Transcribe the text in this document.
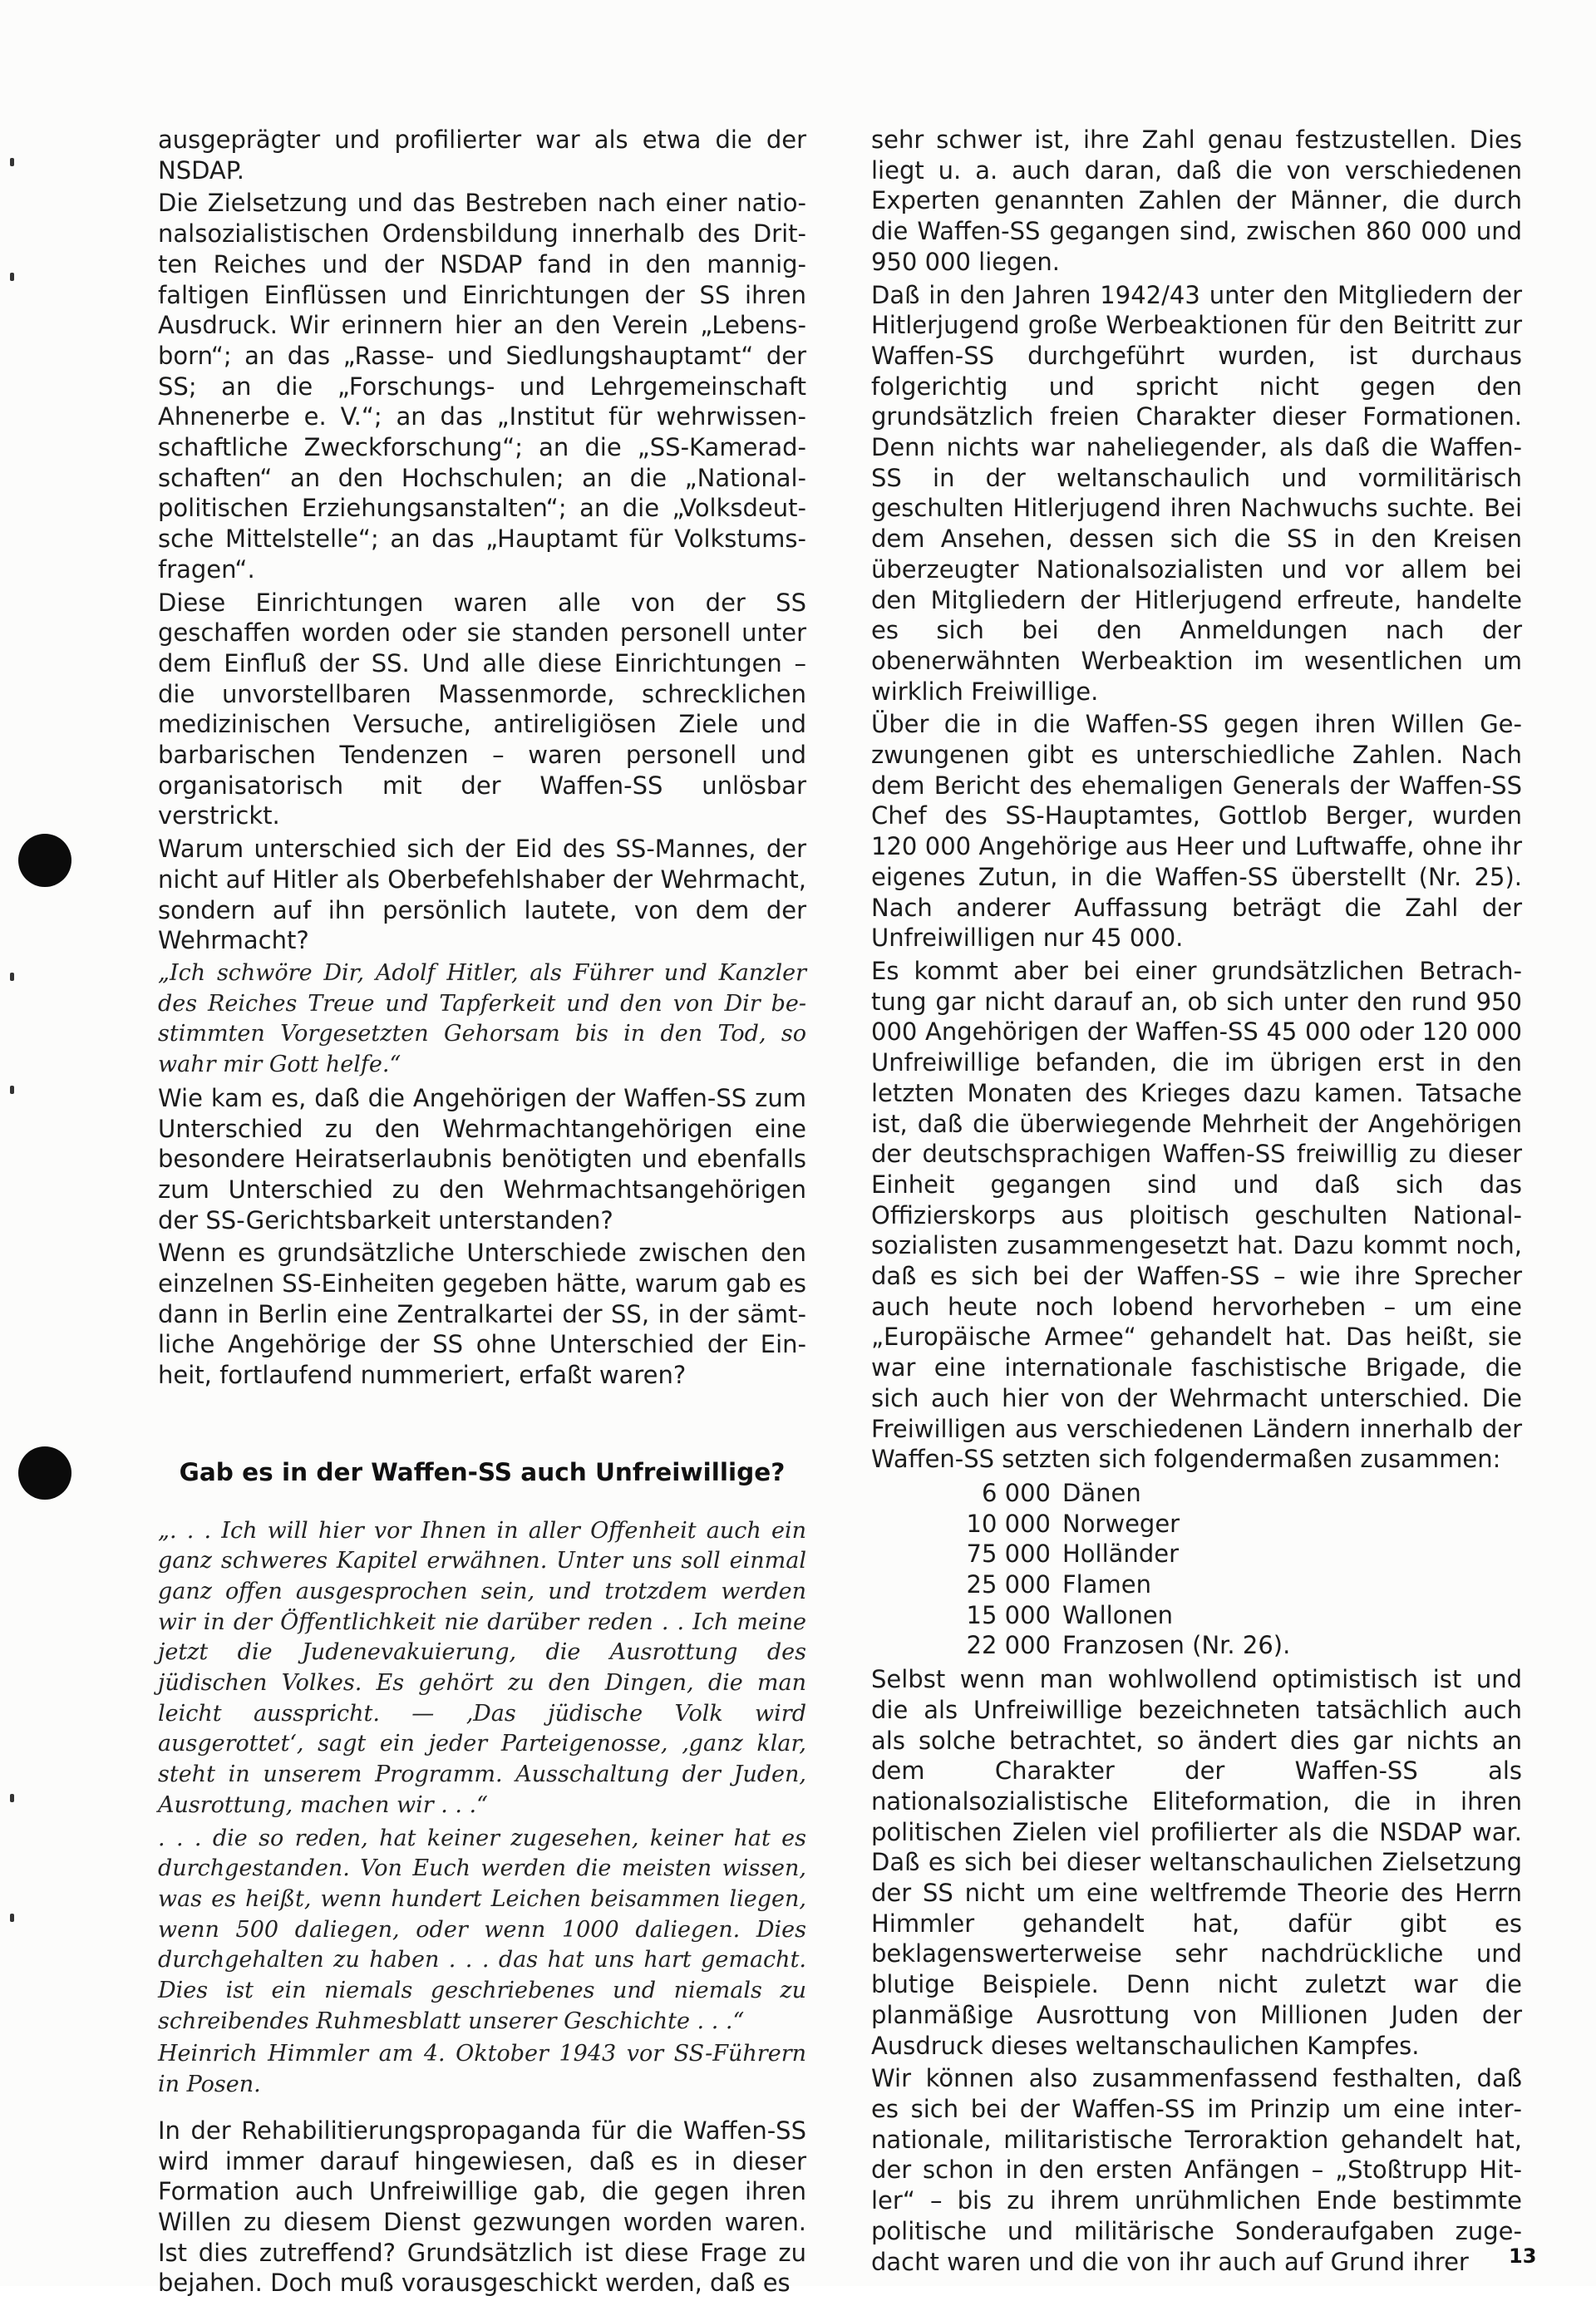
ausgeprägter und profilierter war als etwa die der NSDAP.

Die Zielsetzung und das Bestreben nach einer nationalsozialistischen Ordensbildung innerhalb des Dritten Reiches und der NSDAP fand in den mannigfaltigen Einflüssen und Einrichtungen der SS ihren Ausdruck. Wir erinnern hier an den Verein „Lebensborn“; an das „Rasse- und Siedlungshauptamt“ der SS; an die „Forschungs- und Lehrgemeinschaft Ahnenerbe e. V.“; an das „Institut für wehrwissenschaftliche Zweckforschung“; an die „SS-Kameradschaften“ an den Hochschulen; an die „Nationalpolitischen Erziehungsanstalten“; an die „Volksdeutsche Mittelstelle“; an das „Hauptamt für Volkstumsfragen“.

Diese Einrichtungen waren alle von der SS geschaffen worden oder sie standen personell unter dem Einfluß der SS. Und alle diese Einrichtungen – die unvorstellbaren Massenmorde, schrecklichen medizinischen Versuche, antireligiösen Ziele und barbarischen Tendenzen – waren personell und organisatorisch mit der Waffen-SS unlösbar verstrickt.

Warum unterschied sich der Eid des SS-Mannes, der nicht auf Hitler als Oberbefehlshaber der Wehrmacht, sondern auf ihn persönlich lautete, von dem der Wehrmacht?

„Ich schwöre Dir, Adolf Hitler, als Führer und Kanzler des Reiches Treue und Tapferkeit und den von Dir bestimmten Vorgesetzten Gehorsam bis in den Tod, so wahr mir Gott helfe.“

Wie kam es, daß die Angehörigen der Waffen-SS zum Unterschied zu den Wehrmachtangehörigen eine besondere Heiratserlaubnis benötigten und ebenfalls zum Unterschied zu den Wehrmachtsangehörigen der SS-Gerichtsbarkeit unterstanden?

Wenn es grundsätzliche Unterschiede zwischen den einzelnen SS-Einheiten gegeben hätte, warum gab es dann in Berlin eine Zentralkartei der SS, in der sämtliche Angehörige der SS ohne Unterschied der Einheit, fortlaufend nummeriert, erfaßt waren?

Gab es in der Waffen-SS auch Unfreiwillige?

„. . . Ich will hier vor Ihnen in aller Offenheit auch ein ganz schweres Kapitel erwähnen. Unter uns soll einmal ganz offen ausgesprochen sein, und trotzdem werden wir in der Öffentlichkeit nie darüber reden . . Ich meine jetzt die Judenevakuierung, die Ausrottung des jüdischen Volkes. Es gehört zu den Dingen, die man leicht ausspricht. — ‚Das jüdische Volk wird ausgerottet‘, sagt ein jeder Parteigenosse, ‚ganz klar, steht in unserem Programm. Ausschaltung der Juden, Ausrottung, machen wir . . .“

. . . die so reden, hat keiner zugesehen, keiner hat es durchgestanden. Von Euch werden die meisten wissen, was es heißt, wenn hundert Leichen beisammen liegen, wenn 500 daliegen, oder wenn 1000 daliegen. Dies durchgehalten zu haben . . . das hat uns hart gemacht. Dies ist ein niemals geschriebenes und niemals zu schreibendes Ruhmesblatt unserer Geschichte . . .“

Heinrich Himmler am 4. Oktober 1943 vor SS-Führern in Posen.

In der Rehabilitierungspropaganda für die Waffen-SS wird immer darauf hingewiesen, daß es in dieser Formation auch Unfreiwillige gab, die gegen ihren Willen zu diesem Dienst gezwungen worden waren. Ist dies zutreffend? Grundsätzlich ist diese Frage zu bejahen. Doch muß vorausgeschickt werden, daß es

sehr schwer ist, ihre Zahl genau festzustellen. Dies liegt u. a. auch daran, daß die von verschiedenen Experten genannten Zahlen der Männer, die durch die Waffen-SS gegangen sind, zwischen 860 000 und 950 000 liegen.

Daß in den Jahren 1942/43 unter den Mitgliedern der Hitlerjugend große Werbeaktionen für den Beitritt zur Waffen-SS durchgeführt wurden, ist durchaus folgerichtig und spricht nicht gegen den grundsätzlich freien Charakter dieser Formationen. Denn nichts war naheliegender, als daß die Waffen-SS in der weltanschaulich und vormilitärisch geschulten Hitlerjugend ihren Nachwuchs suchte. Bei dem Ansehen, dessen sich die SS in den Kreisen überzeugter Nationalsozialisten und vor allem bei den Mitgliedern der Hitlerjugend erfreute, handelte es sich bei den Anmeldungen nach der obenerwähnten Werbeaktion im wesentlichen um wirklich Freiwillige.

Über die in die Waffen-SS gegen ihren Willen Gezwungenen gibt es unterschiedliche Zahlen. Nach dem Bericht des ehemaligen Generals der Waffen-SS Chef des SS-Hauptamtes, Gottlob Berger, wurden 120 000 Angehörige aus Heer und Luftwaffe, ohne ihr eigenes Zutun, in die Waffen-SS überstellt (Nr. 25). Nach anderer Auffassung beträgt die Zahl der Unfreiwilligen nur 45 000.

Es kommt aber bei einer grundsätzlichen Betrachtung gar nicht darauf an, ob sich unter den rund 950 000 Angehörigen der Waffen-SS 45 000 oder 120 000 Unfreiwillige befanden, die im übrigen erst in den letzten Monaten des Krieges dazu kamen. Tatsache ist, daß die überwiegende Mehrheit der Angehörigen der deutschsprachigen Waffen-SS freiwillig zu dieser Einheit gegangen sind und daß sich das Offizierskorps aus ploitisch geschulten Nationalsozialisten zusammengesetzt hat. Dazu kommt noch, daß es sich bei der Waffen-SS – wie ihre Sprecher auch heute noch lobend hervorheben – um eine „Europäische Armee“ gehandelt hat. Das heißt, sie war eine internationale faschistische Brigade, die sich auch hier von der Wehrmacht unterschied. Die Freiwilligen aus verschiedenen Ländern innerhalb der Waffen-SS setzten sich folgendermaßen zusammen:

6 000 Dänen
10 000 Norweger
75 000 Holländer
25 000 Flamen
15 000 Wallonen
22 000 Franzosen (Nr. 26).

Selbst wenn man wohlwollend optimistisch ist und die als Unfreiwillige bezeichneten tatsächlich auch als solche betrachtet, so ändert dies gar nichts an dem Charakter der Waffen-SS als nationalsozialistische Eliteformation, die in ihren politischen Zielen viel profilierter als die NSDAP war. Daß es sich bei dieser weltanschaulichen Zielsetzung der SS nicht um eine weltfremde Theorie des Herrn Himmler gehandelt hat, dafür gibt es beklagenswerterweise sehr nachdrückliche und blutige Beispiele. Denn nicht zuletzt war die planmäßige Ausrottung von Millionen Juden der Ausdruck dieses weltanschaulichen Kampfes.

Wir können also zusammenfassend festhalten, daß es sich bei der Waffen-SS im Prinzip um eine internationale, militaristische Terroraktion gehandelt hat, der schon in den ersten Anfängen – „Stoßtrupp Hitler“ – bis zu ihrem unrühmlichen Ende bestimmte politische und militärische Sonderaufgaben zugedacht waren und die von ihr auch auf Grund ihrer	13
